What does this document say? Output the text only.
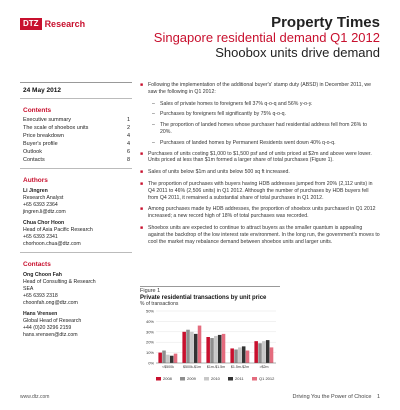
DTZ Research	Property Times
Singapore residential demand Q1 2012
Shoobox units drive demand
24 May 2012
Contents
Executive summary	1
The scale of shoebox units	2
Price breakdown	4
Buyer's profile	4
Outlook	6
Contacts	8
Authors
Li Jingren
Research Analyst
+65 6393 2364
jingren.li@dtz.com
Chua Chor Hoon
Head of Asia Pacific Research
+65 6393 2341
chorhoon.chua@dtz.com
Contacts
Ong Choon Fah
Head of Consulting & Research
SEA
+65 6393 2318
choonfah.ong@dtz.com
Hans Vrensen
Global Head of Research
+44 (0)20 3296 2159
hans.vrensen@dtz.com
■ Following the implementation of the additional buyer's' stamp duty (ABSD) in December 2011, we saw the following in Q1 2012:
– Sales of private homes to foreigners fell 37% q-o-q and 56% y-o-y.
– Purchases by foreigners fell significantly by 75% q-o-q.
– The proportion of landed homes whose purchaser had residential address fell from 26% to 20%.
– Purchases of landed homes by Permanent Residents went down 40% q-o-q.
■ Purchases of units costing $1,000 to $1,500 psf and of units priced at $2m and above were lower. Units priced at less than $1m formed a larger share of total purchases (Figure 1).
■ Sales of units below $1m and units below 500 sq ft increased.
■ The proportion of purchases with buyers having HDB addresses jumped from 20% (2,112 units) in Q4 2011 to 46% (2,506 units) in Q1 2012. Although the number of purchases by HDB buyers fell from Q4 2011, it remained a substantial share of total purchases in Q1 2012.
■ Among purchases made by HDB addresses, the proportion of shoebox units purchased in Q1 2012 increased; a new record high of 18% of total purchases was recorded.
■ Shoebox units are expected to continue to attract buyers as the smaller quantum is appealing against the backdrop of the low interest rate environment. In the long run, the government's moves to cool the market may rebalance demand between shoebox units and larger units.
Figure 1
Private residential transactions by unit price
% of transactions
0%
10%
20%
30%
40%
50%
<$500k	$500k-$1m $1m-$1.5m $1.5m-$2m	>$2m
2008	2009	2010	2011	Q1 2012
www.dtz.com	Driving You the Power of Choice 1
